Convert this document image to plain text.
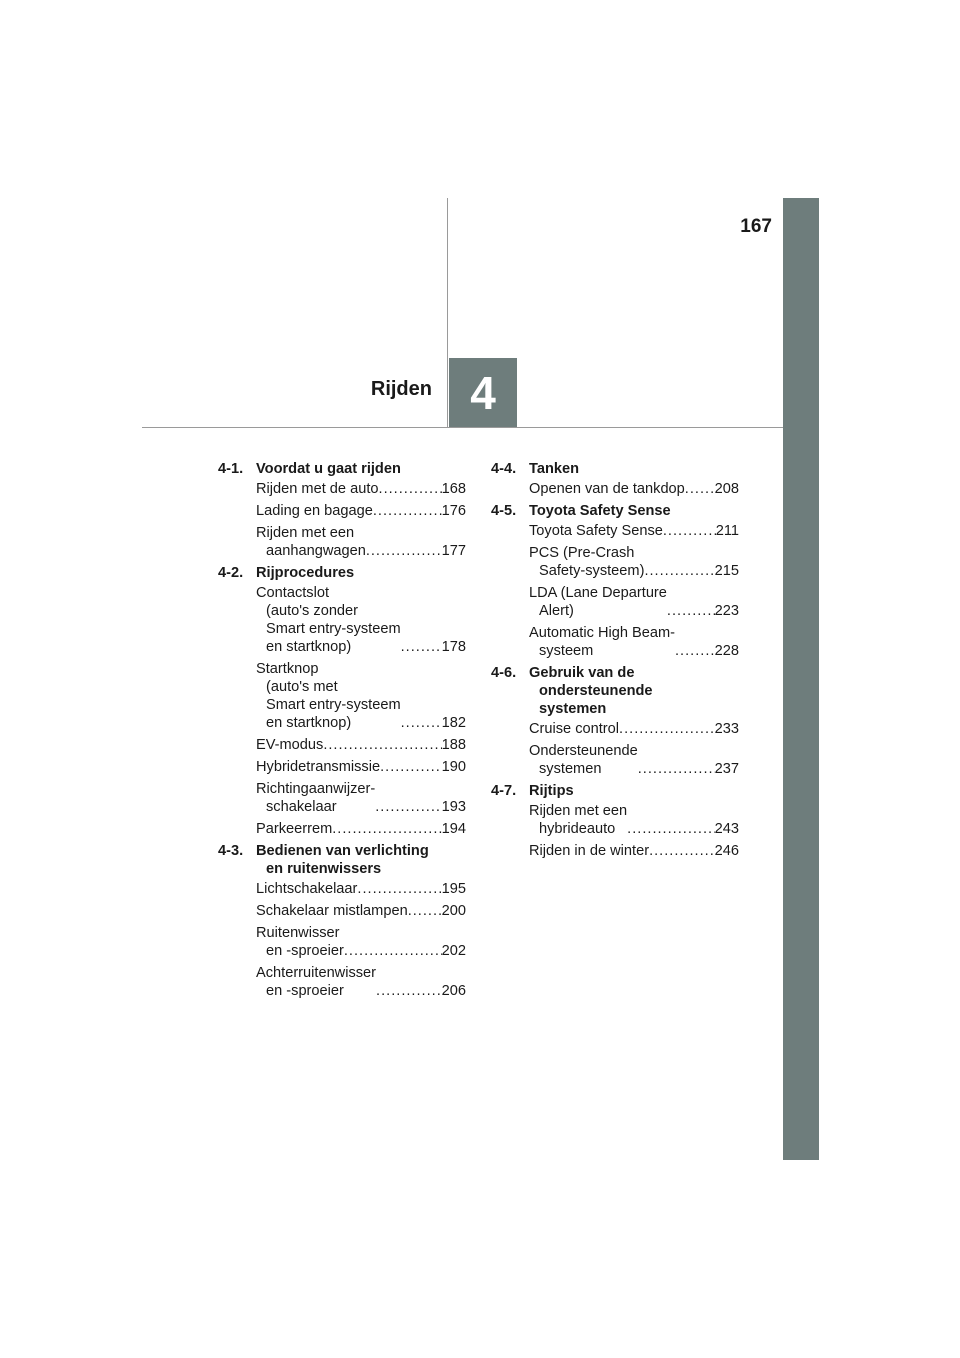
167
4
Rijden
4-1. Voordat u gaat rijden
Rijden met de auto .....	168
Lading en bagage .....	176
Rijden met een
aanhangwagen .....	177
4-2. Rijprocedures
Contactslot
(auto's zonder
Smart entry-systeem
en startknop) .....	178
Startknop
(auto's met
Smart entry-systeem
en startknop) .....	182
EV-modus .....	188
Hybridetransmissie .....	190
Richtingaanwijzer-
schakelaar .....	193
Parkeerrem .....	194
4-3. Bedienen van verlichting
en ruitenwissers
Lichtschakelaar .....	195
Schakelaar mistlampen ..... 200
Ruitenwisser
en -sproeier .....	202
Achterruitenwisser
en -sproeier .....	206
4-4. Tanken
Openen van de tankdop ..... 208
4-5. Toyota Safety Sense
Toyota Safety Sense .....	211
PCS (Pre-Crash
Safety-systeem) .....	215
LDA (Lane Departure
Alert) .....	223
Automatic High Beam-
systeem .....	228
4-6. Gebruik van de
ondersteunende
systemen
Cruise control .....	233
Ondersteunende
systemen .....	237
4-7. Rijtips
Rijden met een
hybrideauto .....	243
Rijden in de winter .....	246
